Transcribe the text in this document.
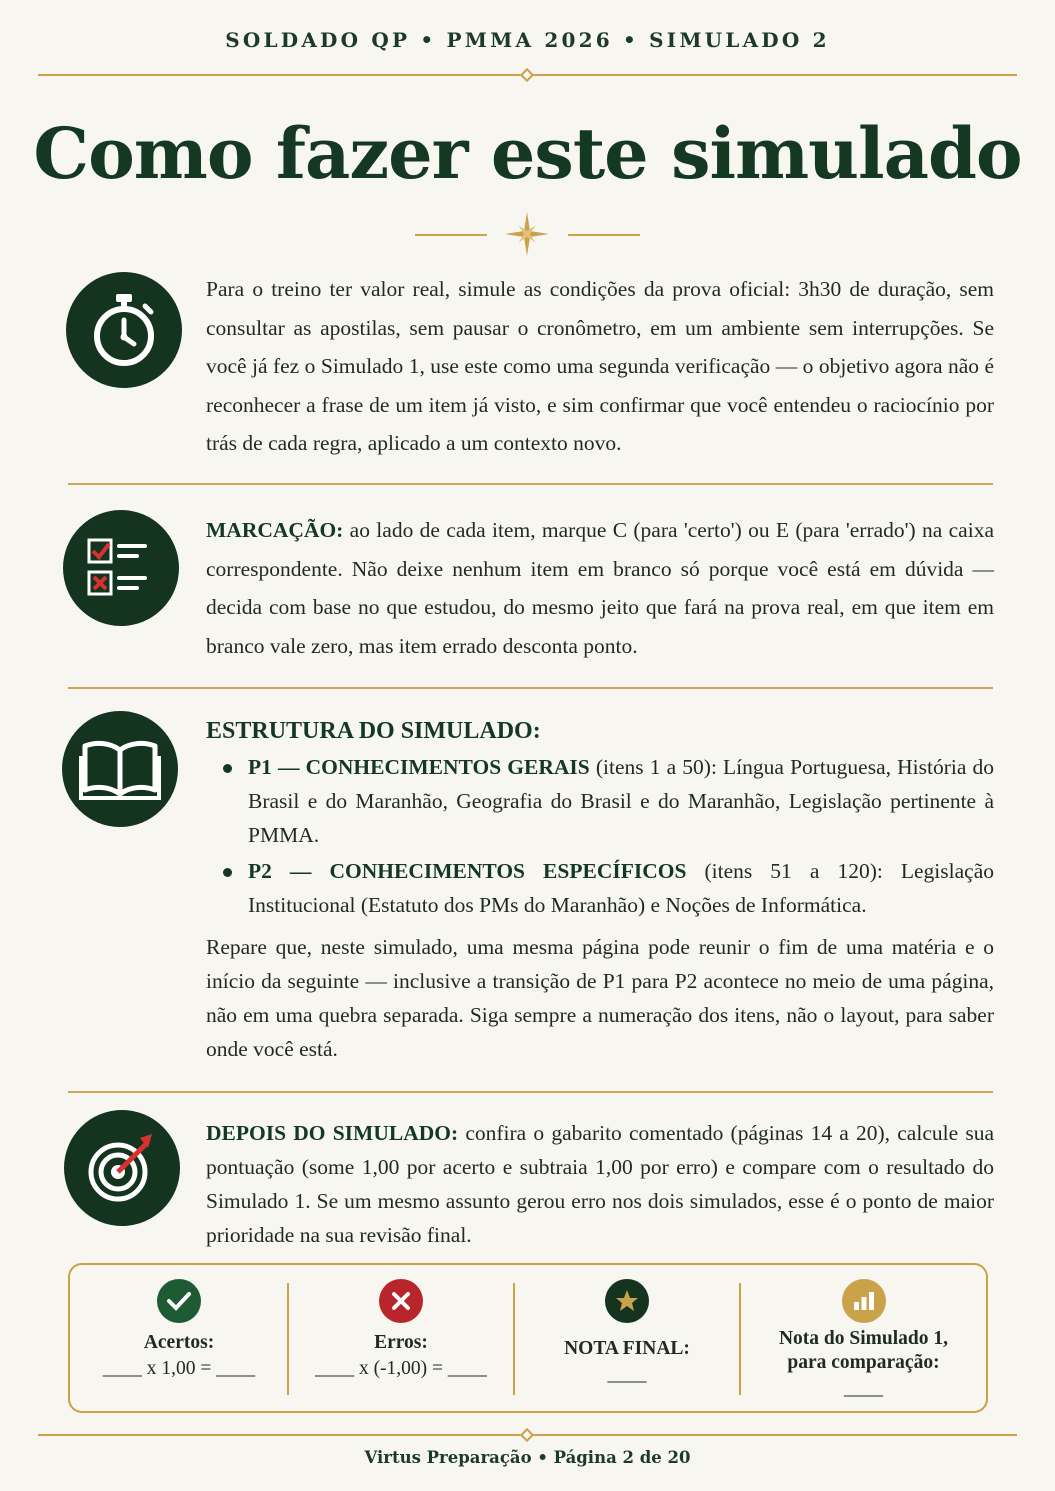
SOLDADO QP • PMMA 2026 • SIMULADO 2
Como fazer este simulado
Para o treino ter valor real, simule as condições da prova oficial: 3h30 de duração, sem consultar as apostilas, sem pausar o cronômetro, em um ambiente sem interrupções. Se você já fez o Simulado 1, use este como uma segunda verificação — o objetivo agora não é reconhecer a frase de um item já visto, e sim confirmar que você entendeu o raciocínio por trás de cada regra, aplicado a um contexto novo.
MARCAÇÃO: ao lado de cada item, marque C (para 'certo') ou E (para 'errado') na caixa correspondente. Não deixe nenhum item em branco só porque você está em dúvida — decida com base no que estudou, do mesmo jeito que fará na prova real, em que item em branco vale zero, mas item errado desconta ponto.
ESTRUTURA DO SIMULADO:
P1 — CONHECIMENTOS GERAIS (itens 1 a 50): Língua Portuguesa, História do Brasil e do Maranhão, Geografia do Brasil e do Maranhão, Legislação pertinente à PMMA.
P2 — CONHECIMENTOS ESPECÍFICOS (itens 51 a 120): Legislação Institucional (Estatuto dos PMs do Maranhão) e Noções de Informática.
Repare que, neste simulado, uma mesma página pode reunir o fim de uma matéria e o início da seguinte — inclusive a transição de P1 para P2 acontece no meio de uma página, não em uma quebra separada. Siga sempre a numeração dos itens, não o layout, para saber onde você está.
DEPOIS DO SIMULADO: confira o gabarito comentado (páginas 14 a 20), calcule sua pontuação (some 1,00 por acerto e subtraia 1,00 por erro) e compare com o resultado do Simulado 1. Se um mesmo assunto gerou erro nos dois simulados, esse é o ponto de maior prioridade na sua revisão final.
Acertos:
____ x 1,00 = ____
Erros:
____ x (-1,00) = ____
NOTA FINAL:
____
Nota do Simulado 1,
para comparação:
____
Virtus Preparação • Página 2 de 20
